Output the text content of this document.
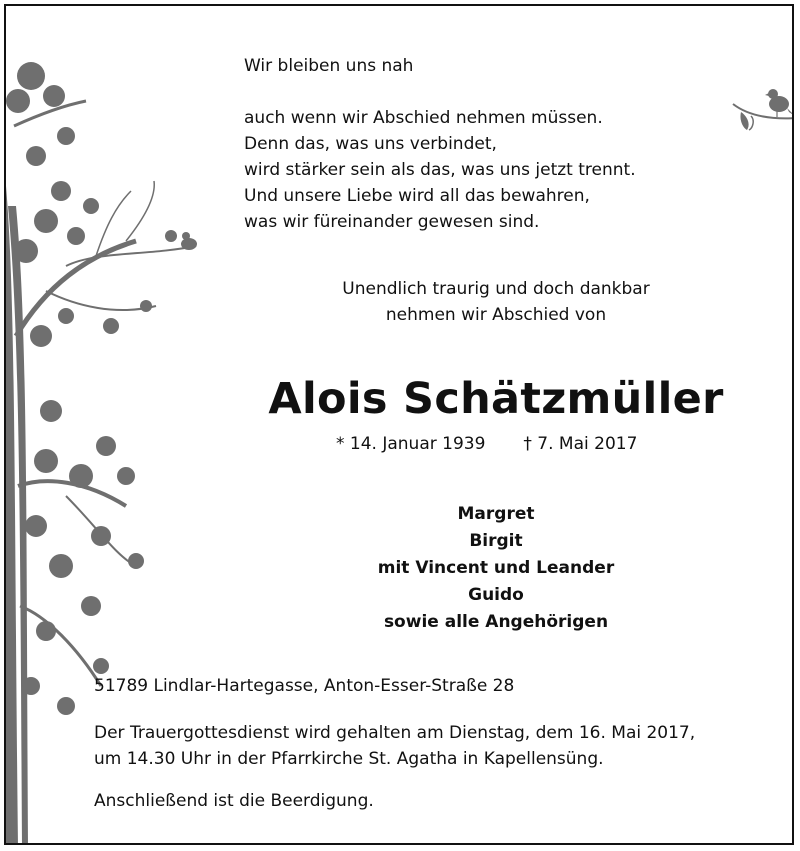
Wir bleiben uns nah
auch wenn wir Abschied nehmen müssen.
Denn das, was uns verbindet,
wird stärker sein als das, was uns jetzt trennt.
Und unsere Liebe wird all das bewahren,
was wir füreinander gewesen sind.
Unendlich traurig und doch dankbar
nehmen wir Abschied von
Alois Schätzmüller
* 14. Januar 1939 † 7. Mai 2017
Margret
Birgit
mit Vincent und Leander
Guido
sowie alle Angehörigen
51789 Lindlar-Hartegasse, Anton-Esser-Straße 28
Der Trauergottesdienst wird gehalten am Dienstag, dem 16. Mai 2017,
um 14.30 Uhr in der Pfarrkirche St. Agatha in Kapellensüng.
Anschließend ist die Beerdigung.
